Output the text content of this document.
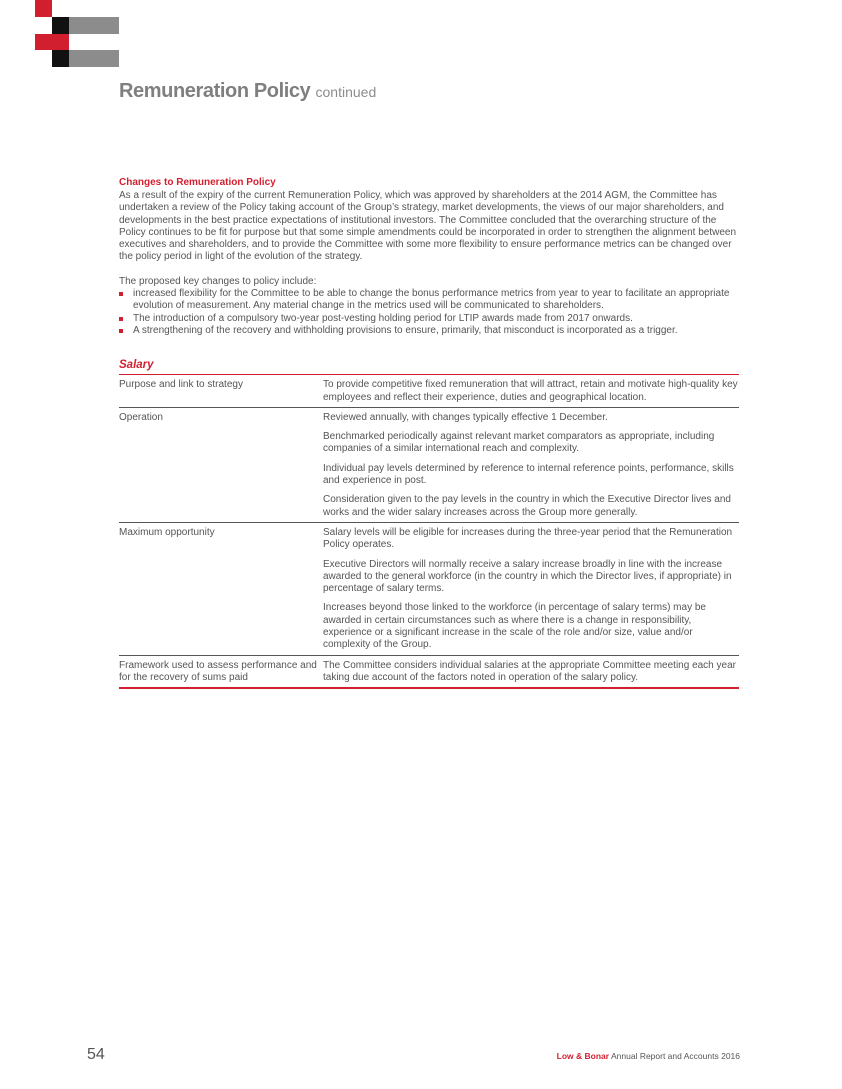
Remuneration Policy continued
Changes to Remuneration Policy

As a result of the expiry of the current Remuneration Policy, which was approved by shareholders at the 2014 AGM, the Committee has undertaken a review of the Policy taking account of the Group’s strategy, market developments, the views of our major shareholders, and developments in the best practice expectations of institutional investors. The Committee concluded that the overarching structure of the Policy continues to be fit for purpose but that some simple amendments could be incorporated in order to strengthen the alignment between executives and shareholders, and to provide the Committee with some more flexibility to ensure performance metrics can be changed over the policy period in light of the evolution of the strategy.

The proposed key changes to policy include:

increased flexibility for the Committee to be able to change the bonus performance metrics from year to year to facilitate an appropriate evolution of measurement. Any material change in the metrics used will be communicated to shareholders.
The introduction of a compulsory two-year post-vesting holding period for LTIP awards made from 2017 onwards.
A strengthening of the recovery and withholding provisions to ensure, primarily, that misconduct is incorporated as a trigger.
Salary
Purpose and link to strategy	To provide competitive fixed remuneration that will attract, retain and motivate high-quality key employees and reflect their experience, duties and geographical location.

Operation	Reviewed annually, with changes typically effective 1 December.

Benchmarked periodically against relevant market comparators as appropriate, including companies of a similar international reach and complexity.

Individual pay levels determined by reference to internal reference points, performance, skills and experience in post.

Consideration given to the pay levels in the country in which the Executive Director lives and works and the wider salary increases across the Group more generally.

Maximum opportunity	Salary levels will be eligible for increases during the three-year period that the Remuneration Policy operates.

Executive Directors will normally receive a salary increase broadly in line with the increase awarded to the general workforce (in the country in which the Director lives, if appropriate) in percentage of salary terms.

Increases beyond those linked to the workforce (in percentage of salary terms) may be awarded in certain circumstances such as where there is a change in responsibility, experience or a significant increase in the scale of the role and/or size, value and/or complexity of the Group.

Framework used to assess performance and for the recovery of sums paid	The Committee considers individual salaries at the appropriate Committee meeting each year taking due account of the factors noted in operation of the salary policy.

54	Low & Bonar Annual Report and Accounts 2016
